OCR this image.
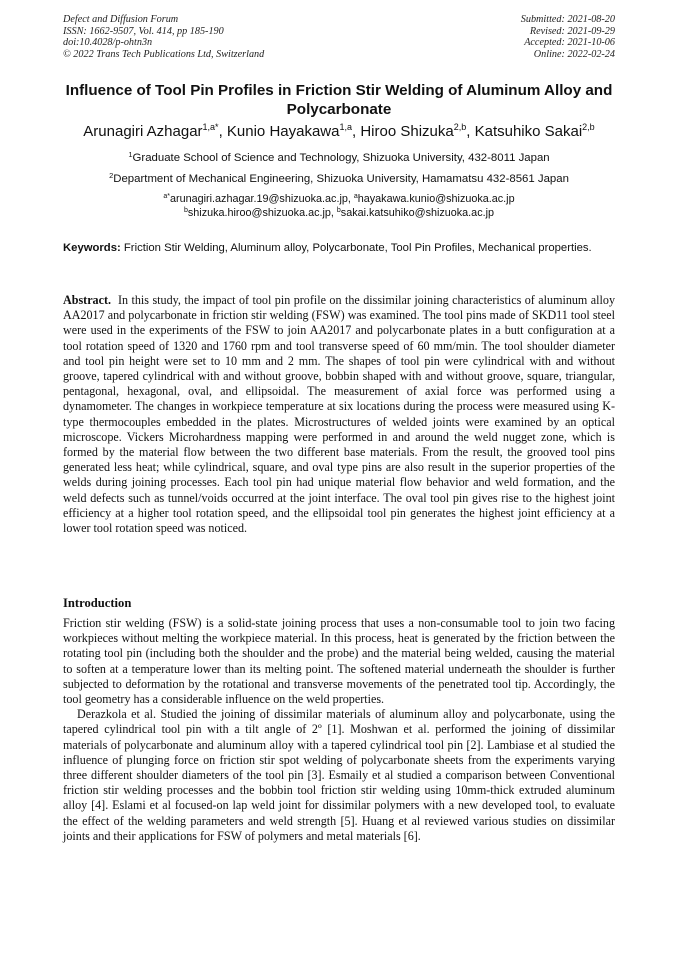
Defect and Diffusion Forum
ISSN: 1662-9507, Vol. 414, pp 185-190
doi:10.4028/p-ohtn3n
© 2022 Trans Tech Publications Ltd, Switzerland
Submitted: 2021-08-20
Revised: 2021-09-29
Accepted: 2021-10-06
Online: 2022-02-24
Influence of Tool Pin Profiles in Friction Stir Welding of Aluminum Alloy and Polycarbonate
Arunagiri Azhagar$^{1,a*}$, Kunio Hayakawa$^{1,a}$, Hiroo Shizuka$^{2,b}$, Katsuhiko Sakai$^{2,b}$
$^1$Graduate School of Science and Technology, Shizuoka University, 432-8011 Japan
$^2$Department of Mechanical Engineering, Shizuoka University, Hamamatsu 432-8561 Japan
$^{a*}$arunagiri.azhagar.19@shizuoka.ac.jp, $^a$hayakawa.kunio@shizuoka.ac.jp
$^b$shizuka.hiroo@shizuoka.ac.jp, $^b$sakai.katsuhiko@shizuoka.ac.jp
Keywords: Friction Stir Welding, Aluminum alloy, Polycarbonate, Tool Pin Profiles, Mechanical properties.
Abstract. In this study, the impact of tool pin profile on the dissimilar joining characteristics of aluminum alloy AA2017 and polycarbonate in friction stir welding (FSW) was examined. The tool pins made of SKD11 tool steel were used in the experiments of the FSW to join AA2017 and polycarbonate plates in a butt configuration at a tool rotation speed of 1320 and 1760 rpm and tool transverse speed of 60 mm/min. The tool shoulder diameter and tool pin height were set to 10 mm and 2 mm. The shapes of tool pin were cylindrical with and without groove, tapered cylindrical with and without groove, bobbin shaped with and without groove, square, triangular, pentagonal, hexagonal, oval, and ellipsoidal. The measurement of axial force was performed using a dynamometer. The changes in workpiece temperature at six locations during the process were measured using K-type thermocouples embedded in the plates. Microstructures of welded joints were examined by an optical microscope. Vickers Microhardness mapping were performed in and around the weld nugget zone, which is formed by the material flow between the two different base materials. From the result, the grooved tool pins generated less heat; while cylindrical, square, and oval type pins are also result in the superior properties of the welds during joining processes. Each tool pin had unique material flow behavior and weld formation, and the weld defects such as tunnel/voids occurred at the joint interface. The oval tool pin gives rise to the highest joint efficiency at a higher tool rotation speed, and the ellipsoidal tool pin generates the highest joint efficiency at a lower tool rotation speed was noticed.
Introduction

Friction stir welding (FSW) is a solid-state joining process that uses a non-consumable tool to join two facing workpieces without melting the workpiece material. In this process, heat is generated by the friction between the rotating tool pin (including both the shoulder and the probe) and the material being welded, causing the material to soften at a temperature lower than its melting point. The softened material underneath the shoulder is further subjected to deformation by the rotational and transverse movements of the penetrated tool tip. Accordingly, the tool geometry has a considerable influence on the weld properties.

Derazkola et al. Studied the joining of dissimilar materials of aluminum alloy and polycarbonate, using the tapered cylindrical tool pin with a tilt angle of 2º [1]. Moshwan et al. performed the joining of dissimilar materials of polycarbonate and aluminum alloy with a tapered cylindrical tool pin [2]. Lambiase et al studied the influence of plunging force on friction stir spot welding of polycarbonate sheets from the experiments varying three different shoulder diameters of the tool pin [3]. Esmaily et al studied a comparison between Conventional friction stir welding processes and the bobbin tool friction stir welding using 10mm-thick extruded aluminum alloy [4]. Eslami et al focused-on lap weld joint for dissimilar polymers with a new developed tool, to evaluate the effect of the welding parameters and weld strength [5]. Huang et al reviewed various studies on dissimilar joints and their applications for FSW of polymers and metal materials [6].
